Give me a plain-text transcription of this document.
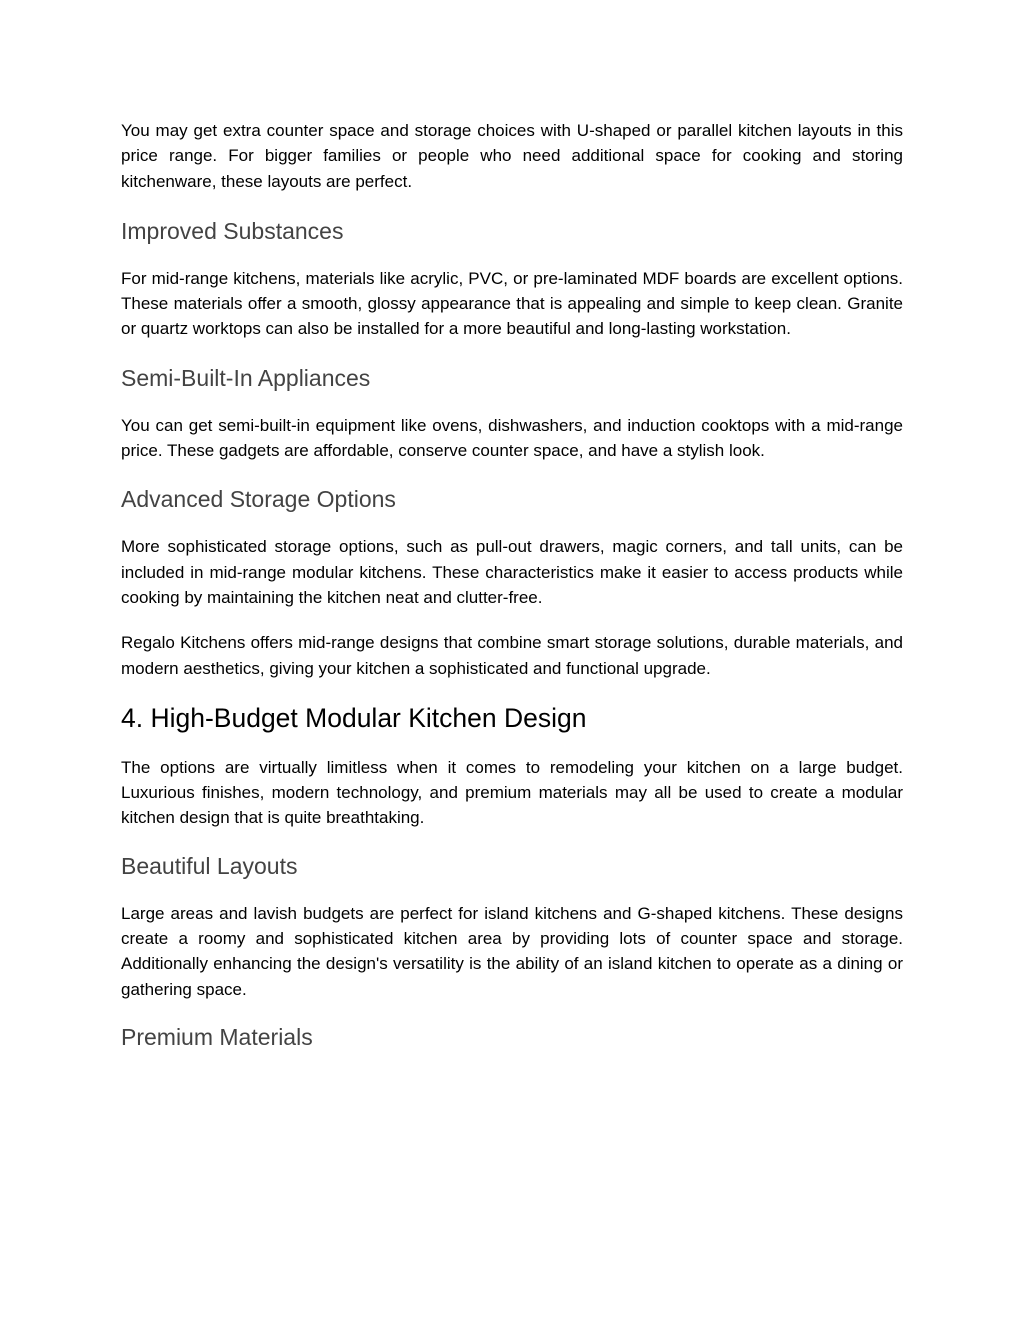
You may get extra counter space and storage choices with U-shaped or parallel kitchen layouts in this price range. For bigger families or people who need additional space for cooking and storing kitchenware, these layouts are perfect.

Improved Substances

For mid-range kitchens, materials like acrylic, PVC, or pre-laminated MDF boards are excellent options. These materials offer a smooth, glossy appearance that is appealing and simple to keep clean. Granite or quartz worktops can also be installed for a more beautiful and long-lasting workstation.

Semi-Built-In Appliances

You can get semi-built-in equipment like ovens, dishwashers, and induction cooktops with a mid-range price. These gadgets are affordable, conserve counter space, and have a stylish look.

Advanced Storage Options

More sophisticated storage options, such as pull-out drawers, magic corners, and tall units, can be included in mid-range modular kitchens. These characteristics make it easier to access products while cooking by maintaining the kitchen neat and clutter-free.

Regalo Kitchens offers mid-range designs that combine smart storage solutions, durable materials, and modern aesthetics, giving your kitchen a sophisticated and functional upgrade.

4. High-Budget Modular Kitchen Design

The options are virtually limitless when it comes to remodeling your kitchen on a large budget. Luxurious finishes, modern technology, and premium materials may all be used to create a modular kitchen design that is quite breathtaking.

Beautiful Layouts

Large areas and lavish budgets are perfect for island kitchens and G-shaped kitchens. These designs create a roomy and sophisticated kitchen area by providing lots of counter space and storage. Additionally enhancing the design's versatility is the ability of an island kitchen to operate as a dining or gathering space.

Premium Materials
